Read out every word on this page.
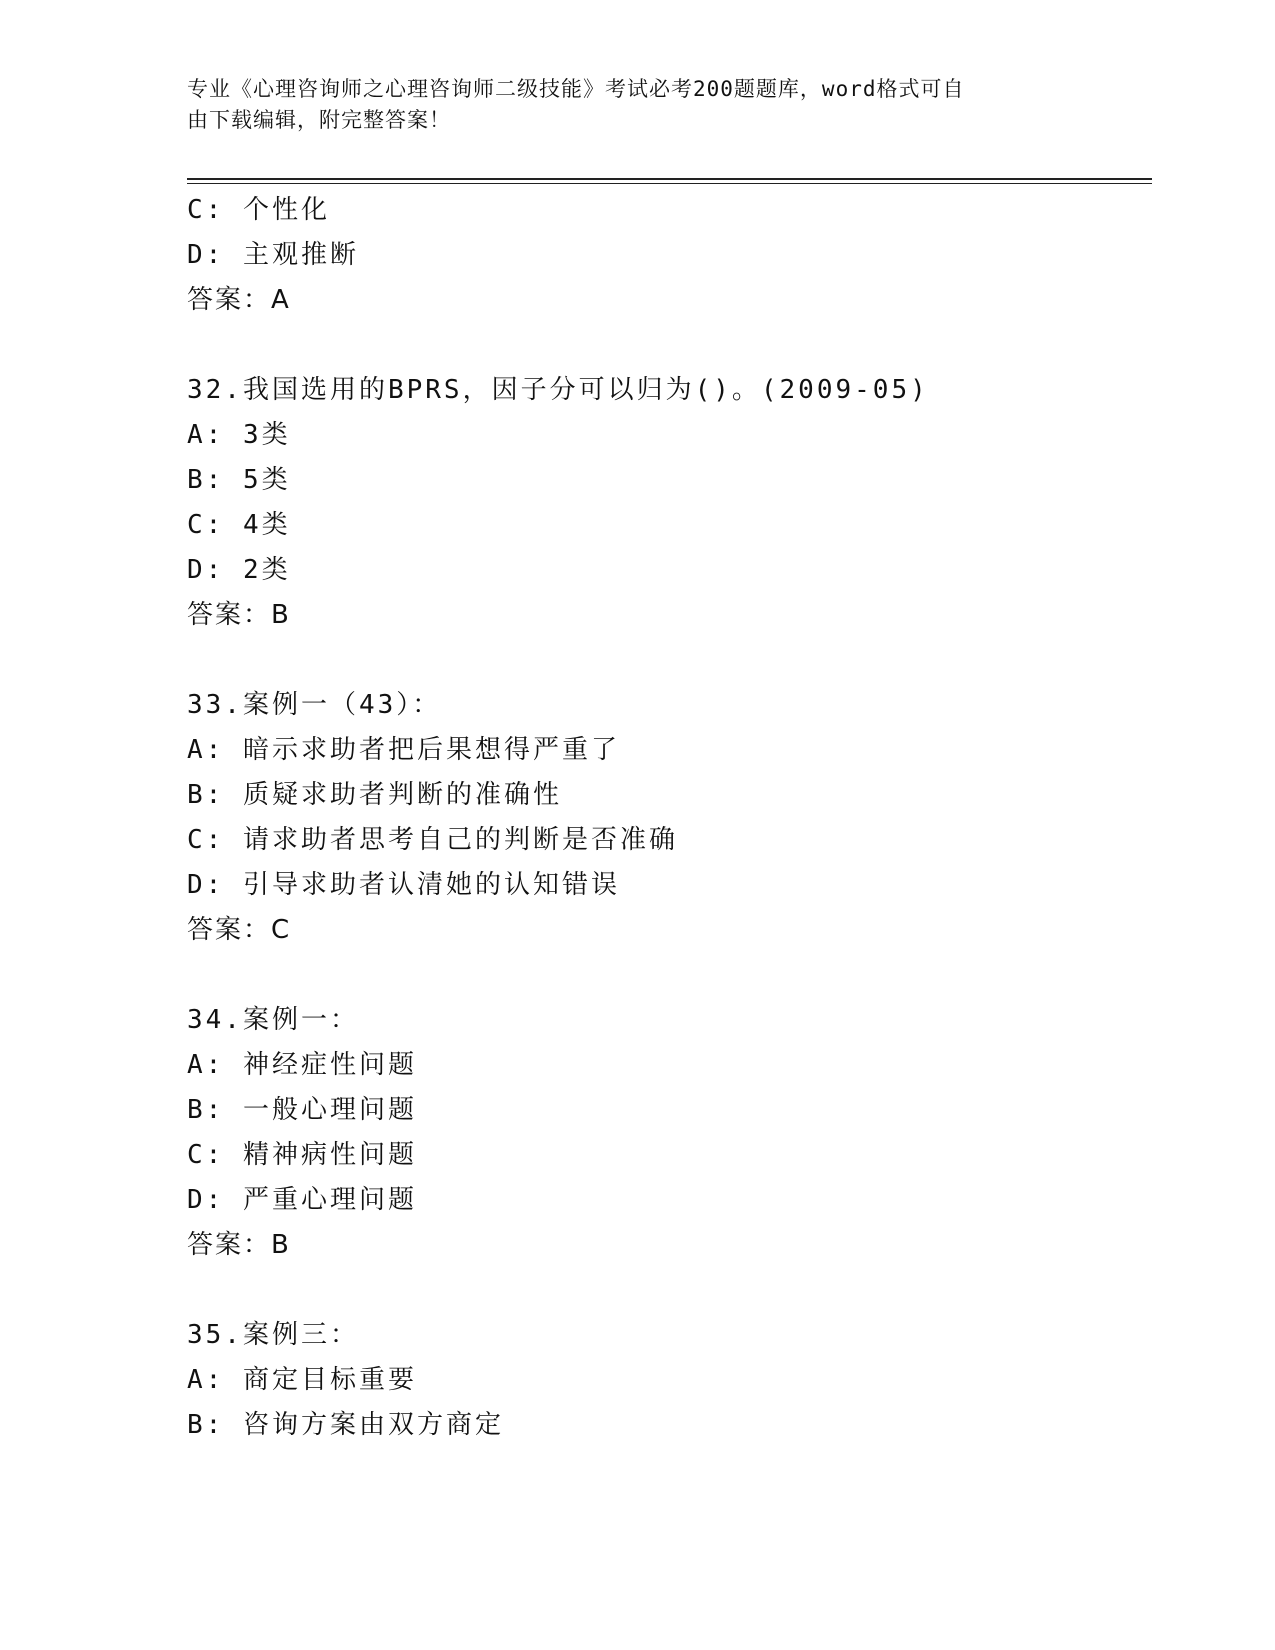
专业《心理咨询师之心理咨询师二级技能》考试必考200题题库，word格式可自
由下载编辑，附完整答案！
C: 个性化
D: 主观推断
答案：A
32.我国选用的BPRS，因子分可以归为()。(2009-05)
A: 3类
B: 5类
C: 4类
D: 2类
答案：B
33.案例一（43）：
A: 暗示求助者把后果想得严重了
B: 质疑求助者判断的准确性
C: 请求助者思考自己的判断是否准确
D: 引导求助者认清她的认知错误
答案：C
34.案例一：
A: 神经症性问题
B: 一般心理问题
C: 精神病性问题
D: 严重心理问题
答案：B
35.案例三：
A: 商定目标重要
B: 咨询方案由双方商定
